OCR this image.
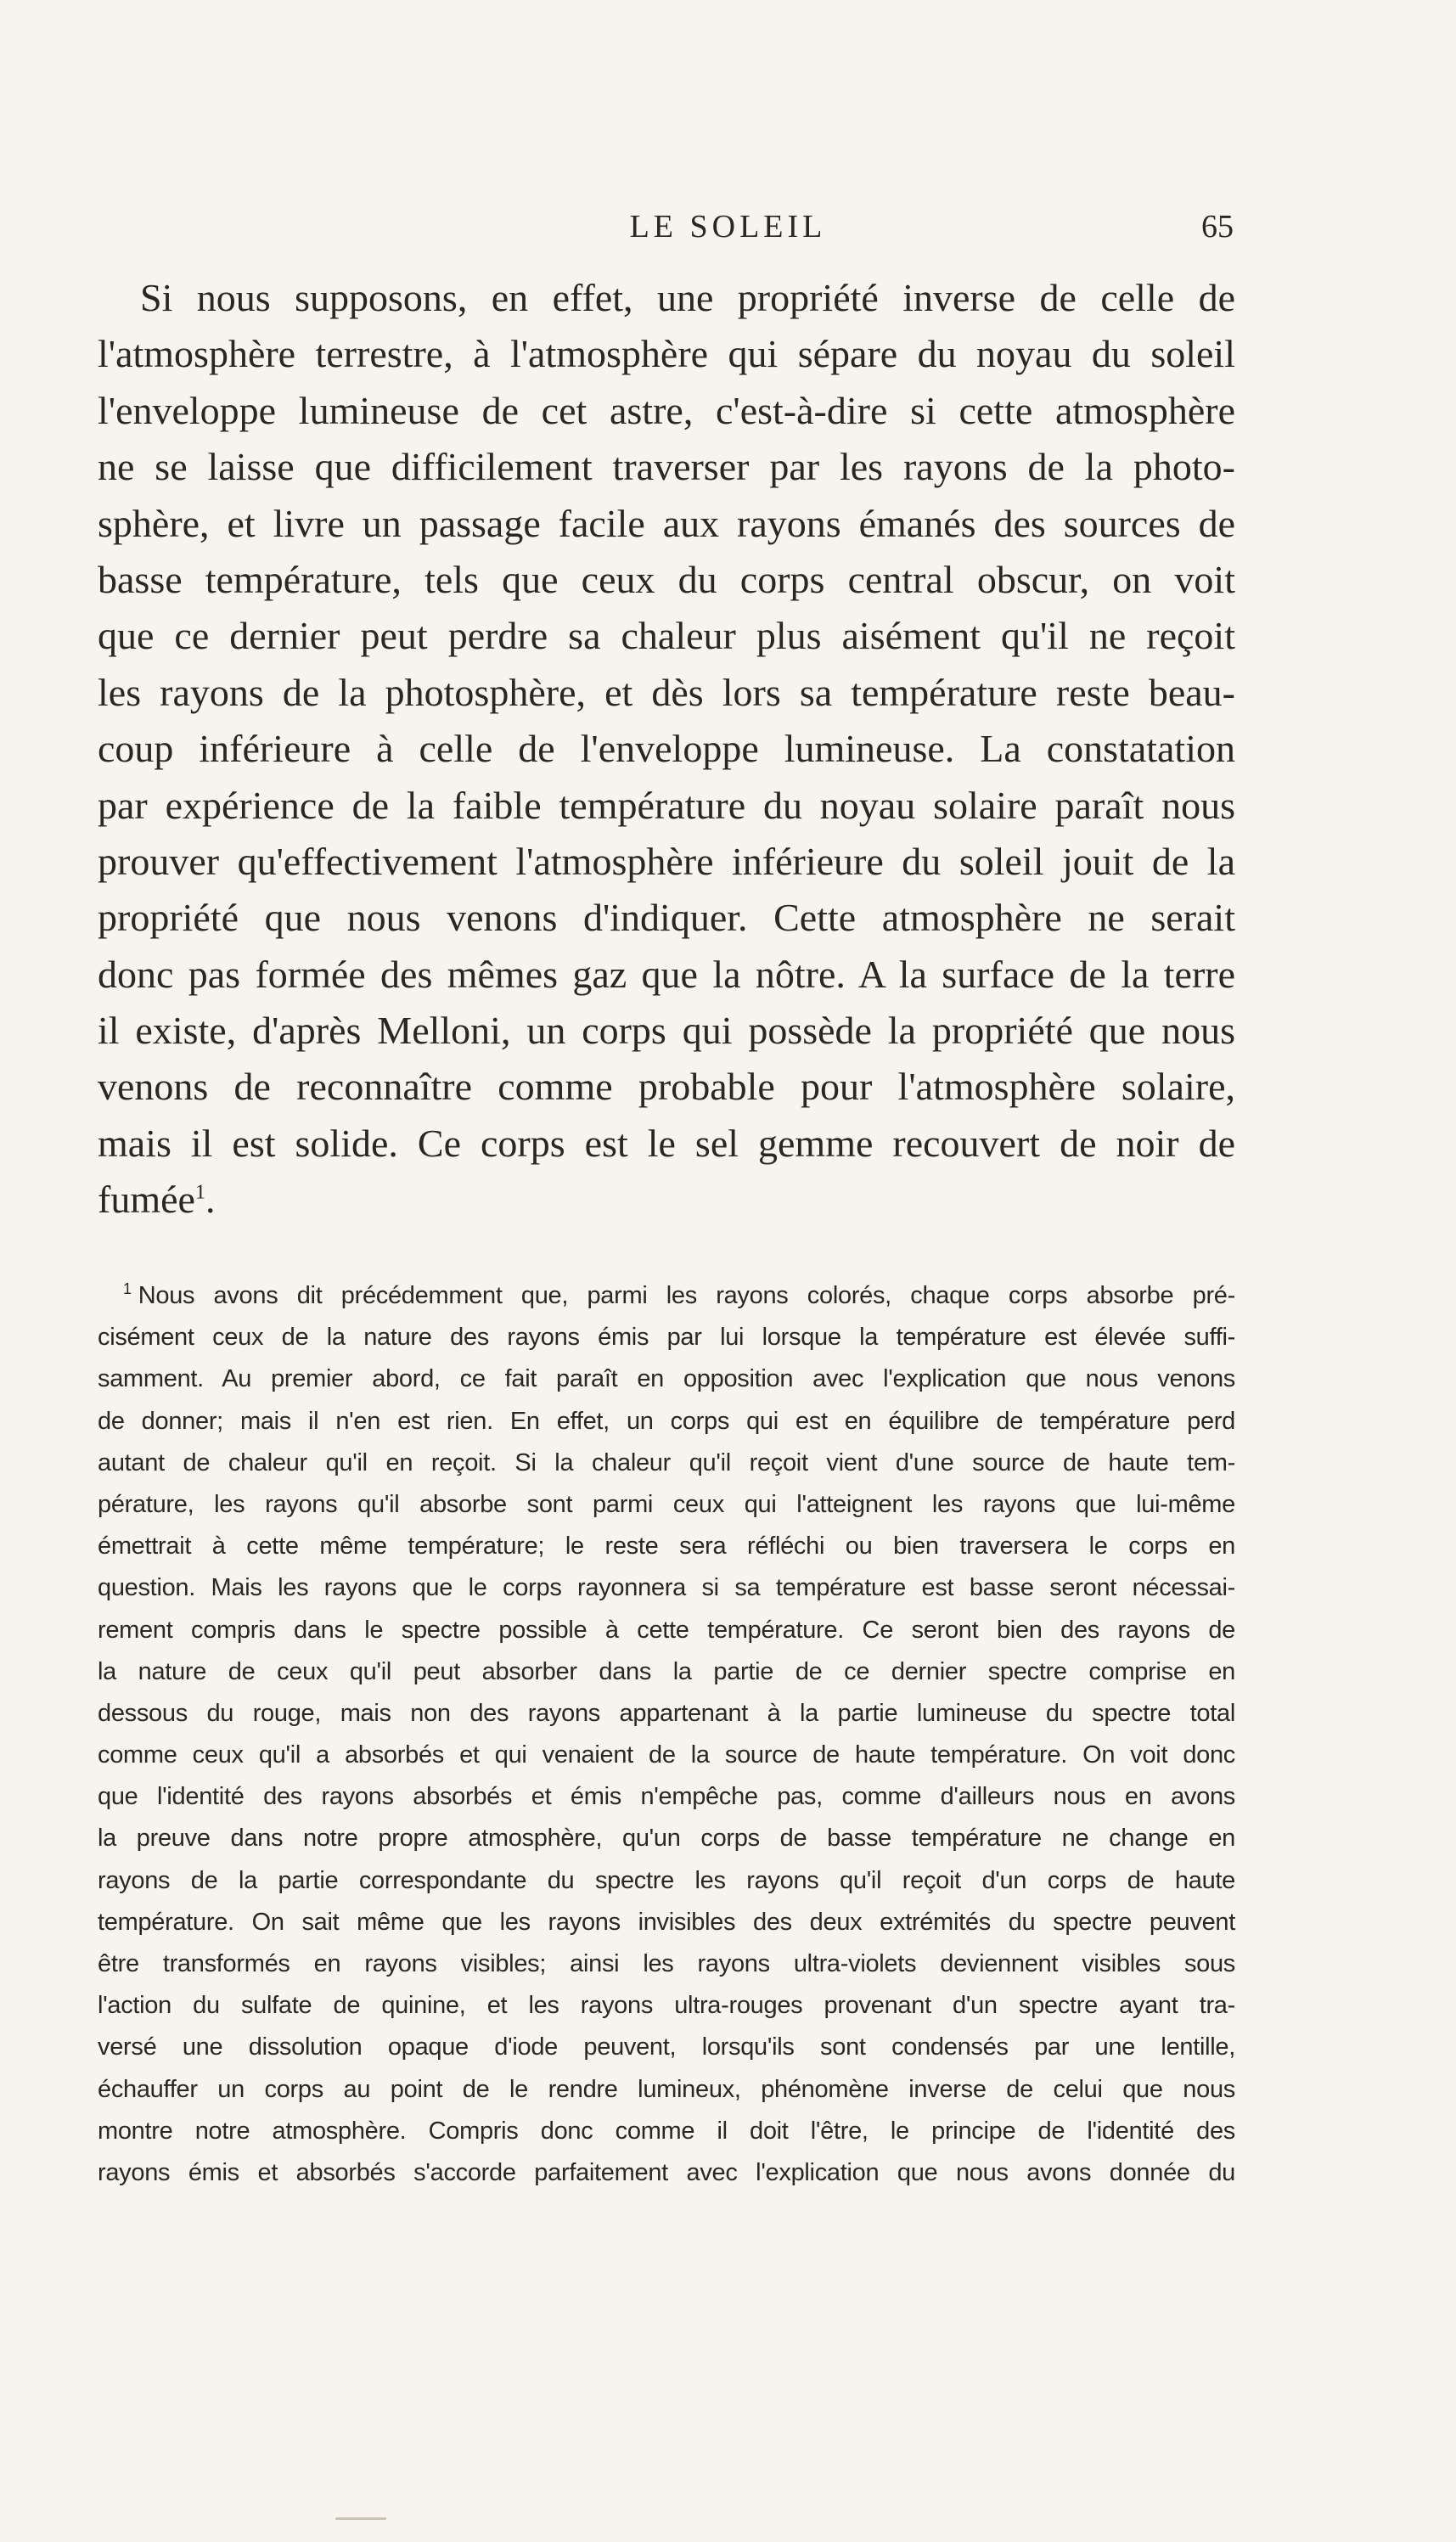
LE SOLEIL	65
Si nous supposons, en effet, une propriété inverse de celle de
l'atmosphère terrestre, à l'atmosphère qui sépare du noyau du soleil
l'enveloppe lumineuse de cet astre, c'est-à-dire si cette atmosphère
ne se laisse que difficilement traverser par les rayons de la photo-
sphère, et livre un passage facile aux rayons émanés des sources de
basse température, tels que ceux du corps central obscur, on voit
que ce dernier peut perdre sa chaleur plus aisément qu'il ne reçoit
les rayons de la photosphère, et dès lors sa température reste beau-
coup inférieure à celle de l'enveloppe lumineuse. La constatation
par expérience de la faible température du noyau solaire paraît nous
prouver qu'effectivement l'atmosphère inférieure du soleil jouit de la
propriété que nous venons d'indiquer. Cette atmosphère ne serait
donc pas formée des mêmes gaz que la nôtre. A la surface de la terre
il existe, d'après Melloni, un corps qui possède la propriété que nous
venons de reconnaître comme probable pour l'atmosphère solaire,
mais il est solide. Ce corps est le sel gemme recouvert de noir de
fumée$^1$.
$^1$ Nous avons dit précédemment que, parmi les rayons colorés, chaque corps absorbe pré-
cisément ceux de la nature des rayons émis par lui lorsque la température est élevée suffi-
samment. Au premier abord, ce fait paraît en opposition avec l'explication que nous venons
de donner; mais il n'en est rien. En effet, un corps qui est en équilibre de température perd
autant de chaleur qu'il en reçoit. Si la chaleur qu'il reçoit vient d'une source de haute tem-
pérature, les rayons qu'il absorbe sont parmi ceux qui l'atteignent les rayons que lui-même
émettrait à cette même température; le reste sera réfléchi ou bien traversera le corps en
question. Mais les rayons que le corps rayonnera si sa température est basse seront nécessai-
rement compris dans le spectre possible à cette température. Ce seront bien des rayons de
la nature de ceux qu'il peut absorber dans la partie de ce dernier spectre comprise en
dessous du rouge, mais non des rayons appartenant à la partie lumineuse du spectre total
comme ceux qu'il a absorbés et qui venaient de la source de haute température. On voit donc
que l'identité des rayons absorbés et émis n'empêche pas, comme d'ailleurs nous en avons
la preuve dans notre propre atmosphère, qu'un corps de basse température ne change en
rayons de la partie correspondante du spectre les rayons qu'il reçoit d'un corps de haute
température. On sait même que les rayons invisibles des deux extrémités du spectre peuvent
être transformés en rayons visibles; ainsi les rayons ultra-violets deviennent visibles sous
l'action du sulfate de quinine, et les rayons ultra-rouges provenant d'un spectre ayant tra-
versé une dissolution opaque d'iode peuvent, lorsqu'ils sont condensés par une lentille,
échauffer un corps au point de le rendre lumineux, phénomène inverse de celui que nous
montre notre atmosphère. Compris donc comme il doit l'être, le principe de l'identité des
rayons émis et absorbés s'accorde parfaitement avec l'explication que nous avons donnée du
